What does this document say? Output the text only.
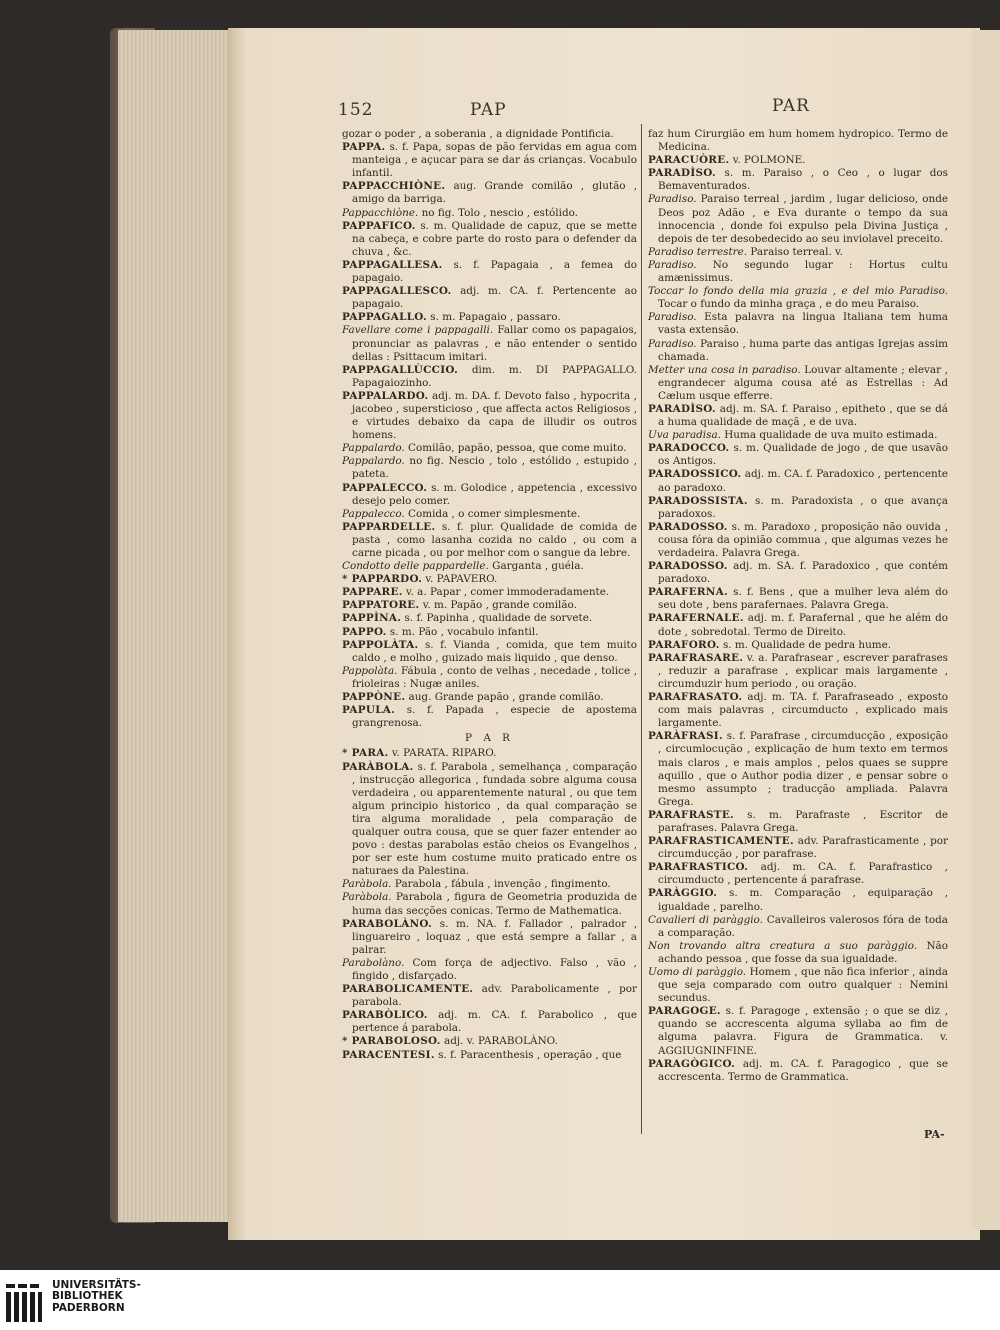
152	PAP	PAR

gozar o poder , a soberania , a dignidade Pontificia.

PAPPA. s. f. Papa, sopas de pão fervidas em agua com manteiga , e açucar para se dar ás crianças. Vocabulo infantil.

PAPPACCHIÒNE. aug. Grande comilão , glutão , amigo da barriga.

Pappacchiòne. no fig. Tolo , nescio , estólido.

PAPPAFICO. s. m. Qualidade de capuz, que se mette na cabeça, e cobre parte do rosto para o defender da chuva , &c.

PAPPAGALLESA. s. f. Papagaia , a femea do papagaio.

PAPPAGALLESCO. adj. m. CA. f. Pertencente ao papagaio.

PAPPAGALLO. s. m. Papagaio , passaro.

Favellare come i pappagalli. Fallar como os papagaios, pronunciar as palavras , e não entender o sentido dellas : Psittacum imitari.

PAPPAGALLÙCCIO. dim. m. DI PAPPAGALLO. Papagaiozinho.

PAPPALARDO. adj. m. DA. f. Devoto falso , hypocrita , jacobeo , supersticioso , que affecta actos Religiosos , e virtudes debaixo da capa de illudir os outros homens.

Pappalardo. Comilão, papão, pessoa, que come muito.

Pappalardo. no fig. Nescio , tolo , estólido , estupido , pateta.

PAPPALECCO. s. m. Golodice , appetencia , excessivo desejo pelo comer.

Pappalecco. Comida , o comer simplesmente.

PAPPARDELLE. s. f. plur. Qualidade de comida de pasta , como lasanha cozida no caldo , ou com a carne picada , ou por melhor com o sangue da lebre.

Condotto delle pappardelle. Garganta , guéla.

* PAPPARDO. v. PAPAVERO.

PAPPARE. v. a. Papar , comer immoderadamente.

PAPPATORE. v. m. Papão , grande comilão.

PAPPÌNA. s. f. Papinha , qualidade de sorvete.

PAPPO. s. m. Pão , vocabulo infantil.

PAPPOLÀTA. s. f. Vianda , comida, que tem muito caldo , e molho , guizado mais liquido , que denso.

Pappolàta. Fábula , conto de velhas , necedade , tolice , frioleiras : Nugæ aniles.

PAPPÒNE. aug. Grande papão , grande comilão.

PAPULA. s. f. Papada , especie de apostema grangrenosa.

P A R

* PARA. v. PARATA. RIPARO.

PARÀBOLA. s. f. Parabola , semelhança , comparação , instrucção allegorica , fundada sobre alguma cousa verdadeira , ou apparentemente natural , ou que tem algum principio historico , da qual comparação se tira alguma moralidade , pela comparação de qualquer outra cousa, que se quer fazer entender ao povo : destas parabolas estão cheios os Evangelhos , por ser este hum costume muito praticado entre os naturaes da Palestina.

Paràbola. Parabola , fábula , invenção , fingimento.

Paràbola. Parabola , figura de Geometria produzida de huma das secções conicas. Termo de Mathematica.

PARABOLÀNO. s. m. NA. f. Fallador , palrador , linguareiro , loquaz , que está sempre a fallar , a palrar.

Parabolàno. Com força de adjectivo. Falso , vão , fingido , disfarçado.

PARABOLICAMENTE. adv. Parabolicamente , por parabola.

PARABÒLICO. adj. m. CA. f. Parabolico , que pertence á parabola.

* PARABOLOSO. adj. v. PARABOLÀNO.

PARACENTESI. s. f. Paracenthesis , operação , que

faz hum Cirurgião em hum homem hydropico. Termo de Medicina.

PARACUÒRE. v. POLMONE.

PARADÌSO. s. m. Paraiso , o Ceo , o lugar dos Bemaventurados.

Paradiso. Paraiso terreal , jardim , lugar delicioso, onde Deos poz Adão , e Eva durante o tempo da sua innocencia , donde foi expulso pela Divina Justiça , depois de ter desobedecido ao seu inviolavel preceito.

Paradiso terrestre. Paraiso terreal. v.

Paradiso. No segundo lugar : Hortus cultu amænissimus.

Toccar lo fondo della mia grazia , e del mio Paradiso. Tocar o fundo da minha graça , e do meu Paraiso.

Paradiso. Esta palavra na lingua Italiana tem huma vasta extensão.

Paradiso. Paraiso , huma parte das antigas Igrejas assim chamada.

Metter una cosa in paradiso. Louvar altamente ; elevar , engrandecer alguma cousa até as Estrellas : Ad Cælum usque efferre.

PARADÌSO. adj. m. SA. f. Paraiso , epitheto , que se dá a huma qualidade de maçã , e de uva.

Uva paradisa. Huma qualidade de uva muito estimada.

PARADOCCO. s. m. Qualidade de jogo , de que usavão os Antigos.

PARADOSSICO. adj. m. CA. f. Paradoxico , pertencente ao paradoxo.

PARADOSSISTA. s. m. Paradoxista , o que avança paradoxos.

PARADOSSO. s. m. Paradoxo , proposição não ouvida , cousa fóra da opinião commua , que algumas vezes he verdadeira. Palavra Grega.

PARADOSSO. adj. m. SA. f. Paradoxico , que contém paradoxo.

PARAFERNA. s. f. Bens , que a mulher leva além do seu dote , bens parafernaes. Palavra Grega.

PARAFERNALE. adj. m. f. Parafernal , que he além do dote , sobredotal. Termo de Direito.

PARAFORO. s. m. Qualidade de pedra hume.

PARAFRASARE. v. a. Parafrasear , escrever parafrases , reduzir a parafrase , explicar mais largamente , circumduzir hum periodo , ou oração.

PARAFRASATO. adj. m. TA. f. Parafraseado , exposto com mais palavras , circumducto , explicado mais largamente.

PARÀFRASI. s. f. Parafrase , circumducção , exposição , circumlocução , explicação de hum texto em termos mais claros , e mais amplos , pelos quaes se suppre aquillo , que o Author podia dizer , e pensar sobre o mesmo assumpto ; traducção ampliada. Palavra Grega.

PARAFRASTE. s. m. Parafraste , Escritor de parafrases. Palavra Grega.

PARAFRASTICAMENTE. adv. Parafrasticamente , por circumducção , por parafrase.

PARAFRASTICO. adj. m. CA. f. Parafrastico , circumducto , pertencente á parafrase.

PARÀGGIO. s. m. Comparação , equiparação , igualdade , parelho.

Cavalieri di paràggio. Cavalleiros valerosos fóra de toda a comparação.

Non trovando altra creatura a suo paràggio. Não achando pessoa , que fosse da sua igualdade.

Uomo di paràggio. Homem , que não fica inferior , ainda que seja comparado com outro qualquer : Nemini secundus.

PARAGOGE. s. f. Paragoge , extensão ; o que se diz , quando se accrescenta alguma syllaba ao fim de alguma palavra. Figura de Grammatica. v. AGGIUGNINFINE.

PARAGÒGICO. adj. m. CA. f. Paragogico , que se accrescenta. Termo de Grammatica.

PA-
UNIVERSITÄTS-
BIBLIOTHEK
PADERBORN
